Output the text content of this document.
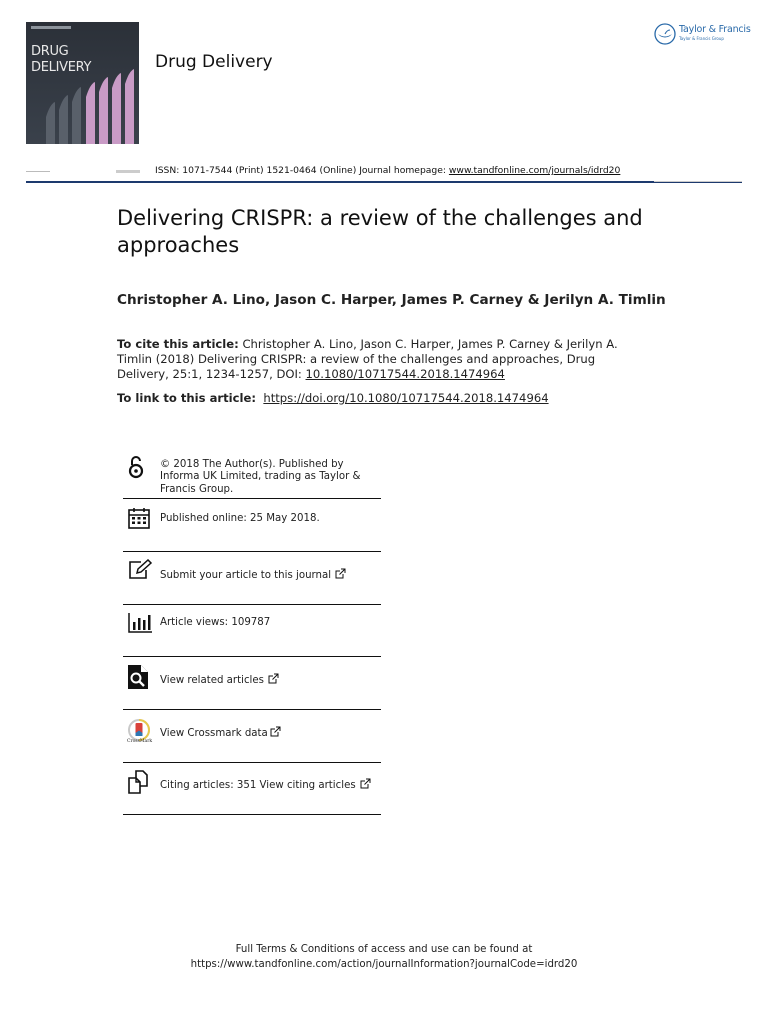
DRUG
DELIVERY	Drug Delivery
Taylor & Francis
Taylor & Francis Group
ISSN: 1071-7544 (Print) 1521-0464 (Online) Journal homepage: www.tandfonline.com/journals/idrd20
Delivering CRISPR: a review of the challenges and approaches
Christopher A. Lino, Jason C. Harper, James P. Carney & Jerilyn A. Timlin
To cite this article: Christopher A. Lino, Jason C. Harper, James P. Carney & Jerilyn A. Timlin (2018) Delivering CRISPR: a review of the challenges and approaches, Drug Delivery, 25:1, 1234-1257, DOI: 10.1080/10717544.2018.1474964
To link to this article: https://doi.org/10.1080/10717544.2018.1474964
© 2018 The Author(s). Published by Informa UK Limited, trading as Taylor & Francis Group.
Published online: 25 May 2018.
Submit your article to this journal
Article views: 109787
View related articles
CrossMark
View Crossmark data
Citing articles: 351 View citing articles
Full Terms & Conditions of access and use can be found at
https://www.tandfonline.com/action/journalInformation?journalCode=idrd20
